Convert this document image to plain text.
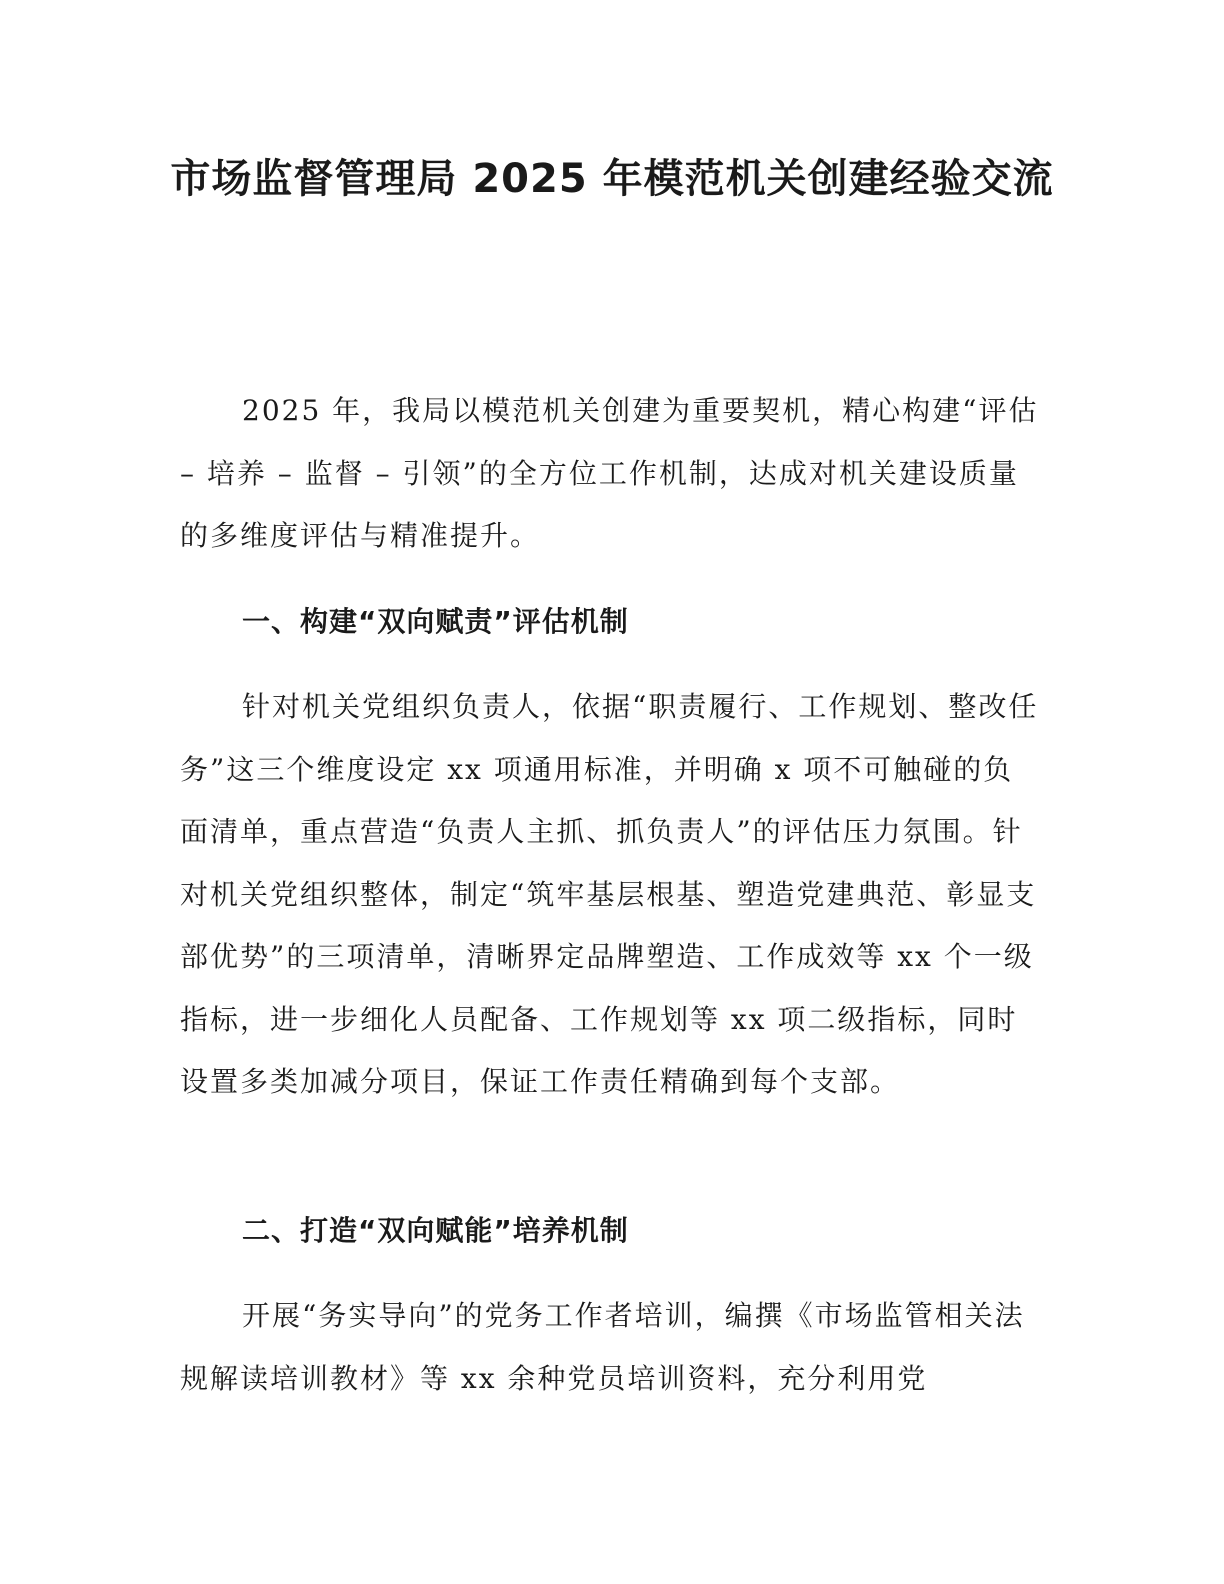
市场监督管理局 2025 年模范机关创建经验交流

2025 年，我局以模范机关创建为重要契机，精心构建“评估 – 培养 – 监督 – 引领”的全方位工作机制，达成对机关建设质量的多维度评估与精准提升。

一、构建“双向赋责”评估机制

针对机关党组织负责人，依据“职责履行、工作规划、整改任务”这三个维度设定 xx 项通用标准，并明确 x 项不可触碰的负面清单，重点营造“负责人主抓、抓负责人”的评估压力氛围。针对机关党组织整体，制定“筑牢基层根基、塑造党建典范、彰显支部优势”的三项清单，清晰界定品牌塑造、工作成效等 xx 个一级指标，进一步细化人员配备、工作规划等 xx 项二级指标，同时设置多类加减分项目，保证工作责任精确到每个支部。

二、打造“双向赋能”培养机制

开展“务实导向”的党务工作者培训，编撰《市场监管相关法规解读培训教材》等 xx 余种党员培训资料，充分利用党
